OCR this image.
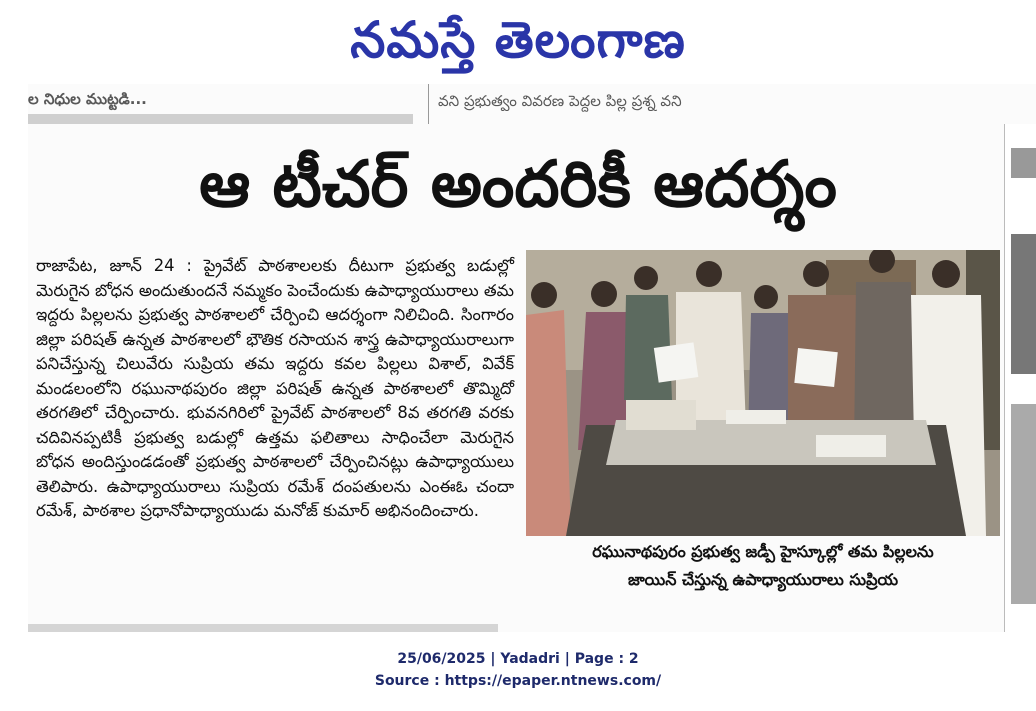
నమస్తే తెలంగాణ
ల నిధుల ముట్టడి...	వని ప్రభుత్వం వివరణ పెద్దల పిల్ల ప్రశ్న వని
ఆ టీచర్ అందరికీ ఆదర్శం
రాజాపేట, జూన్ 24 : ప్రైవేట్ పాఠశాలలకు దీటుగా ప్రభుత్వ బడుల్లో మెరుగైన బోధన అందుతుందనే నమ్మకం పెంచేందుకు ఉపాధ్యాయురాలు తమ ఇద్దరు పిల్లలను ప్రభుత్వ పాఠశాలలో చేర్పించి ఆదర్శంగా నిలిచింది. సింగారం జిల్లా పరిషత్ ఉన్నత పాఠశాలలో భౌతిక రసాయన శాస్త్ర ఉపాధ్యాయురాలుగా పనిచేస్తున్న చిలువేరు సుప్రియ తమ ఇద్దరు కవల పిల్లలు విశాల్, వివేక్ మండలంలోని రఘునాథపురం జిల్లా పరిషత్ ఉన్నత పాఠశాలలో తొమ్మిదో తరగతిలో చేర్పించారు. భువనగిరిలో ప్రైవేట్ పాఠశాలలో 8వ తరగతి వరకు చదివినప్పటికీ ప్రభుత్వ బడుల్లో ఉత్తమ ఫలితాలు సాధించేలా మెరుగైన బోధన అందిస్తుండడంతో ప్రభుత్వ పాఠశాలలో చేర్పించినట్లు ఉపాధ్యాయులు తెలిపారు. ఉపాధ్యాయురాలు సుప్రియ రమేశ్ దంపతులను ఎంఈఓ చందా రమేశ్, పాఠశాల ప్రధానోపాధ్యాయుడు మనోజ్ కుమార్ అభినందించారు.
రఘునాథపురం ప్రభుత్వ జడ్పీ హైస్కూల్లో తమ పిల్లలను
జాయిన్ చేస్తున్న ఉపాధ్యాయురాలు సుప్రియ
25/06/2025 | Yadadri | Page : 2
Source : https://epaper.ntnews.com/
